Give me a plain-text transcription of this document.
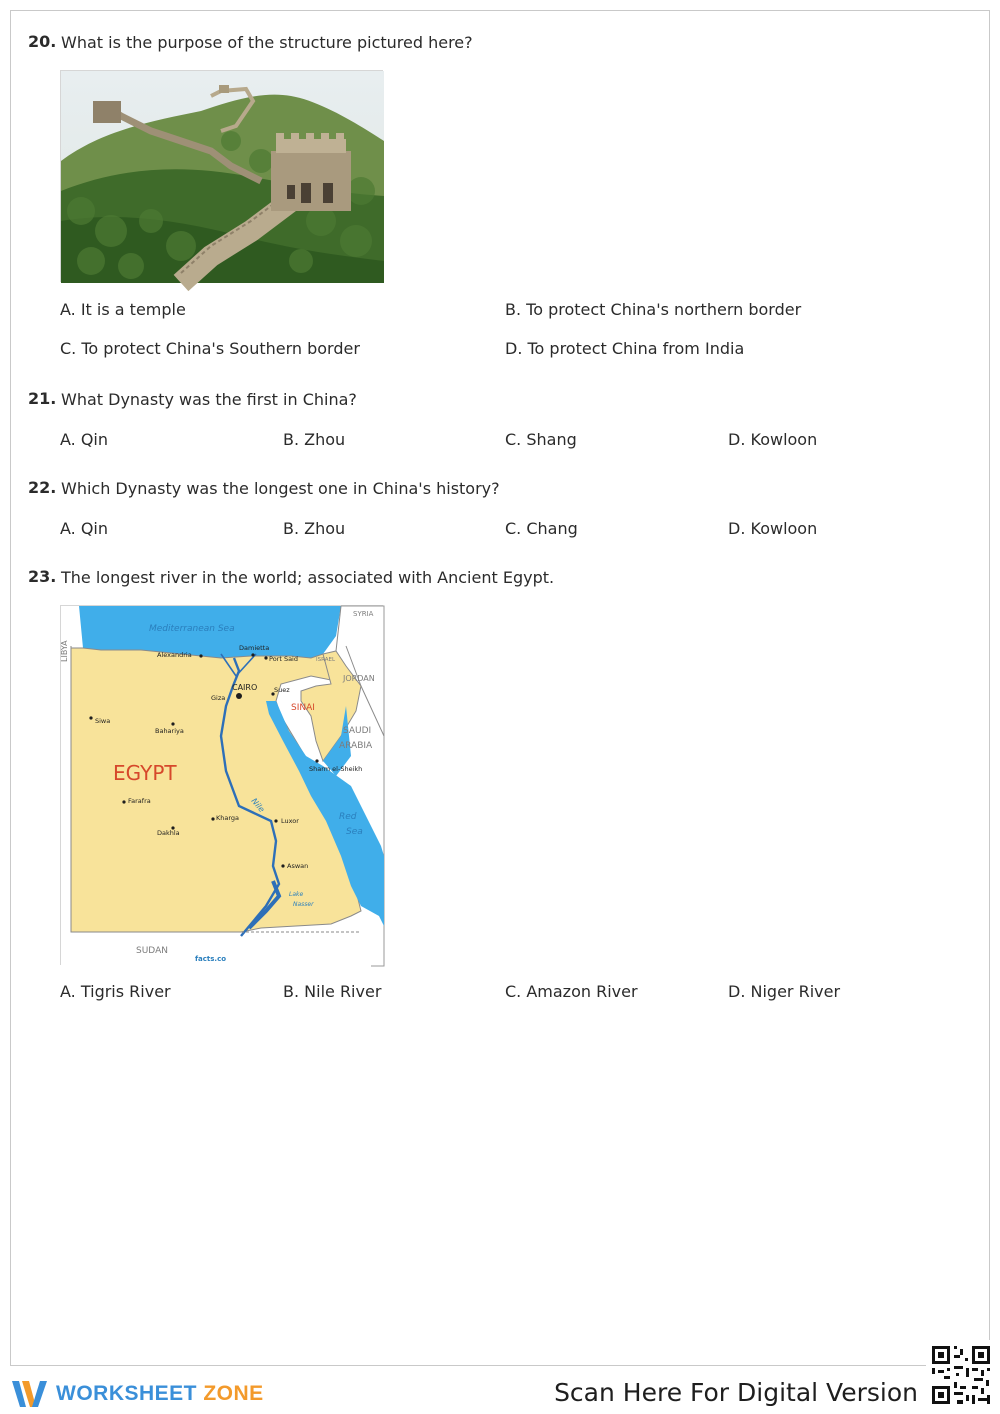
20. What is the purpose of the structure pictured here?
A. It is a temple	B. To protect China's northern border
C. To protect China's Southern border	D. To protect China from India
21. What Dynasty was the first in China?
A. Qin	B. Zhou	C. Shang	D. Kowloon
22. Which Dynasty was the longest one in China's history?
A. Qin	B. Zhou	C. Chang	D. Kowloon
23. The longest river in the world; associated with Ancient Egypt.
Mediterranean Sea
LIBYA
SYRIA
ISRAEL
JORDAN
SAUDI
ARABIA
SUDAN
EGYPT
SINAI
Nile
Red
Sea
Lake
Nasser
Alexandria
Damietta
Port Said
CAIRO	Suez
Giza
Siwa
Bahariya
Sharm el-Sheikh
Farafra
Kharga
Dakhla
Luxor
Aswan
facts.co
A. Tigris River	B. Nile River	C. Amazon River	D. Niger River
WORKSHEET ZONE	Scan Here For Digital Version
